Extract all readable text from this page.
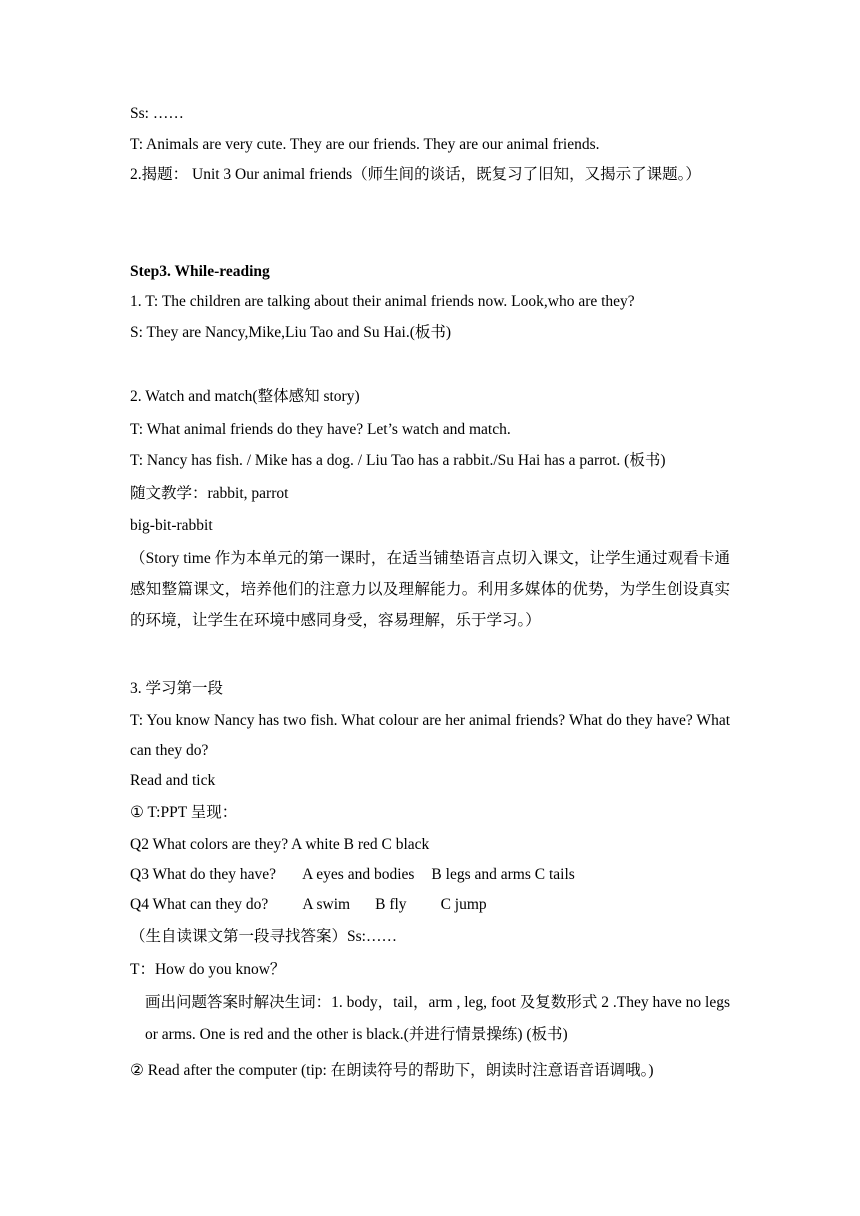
Ss: ……
T: Animals are very cute. They are our friends. They are our animal friends.
2.揭题： Unit 3 Our animal friends（师生间的谈话，既复习了旧知，又揭示了课题。）
Step3. While-reading
1. T: The children are talking about their animal friends now. Look,who are they?
S: They are Nancy,Mike,Liu Tao and Su Hai.(板书)
2. Watch and match(整体感知 story)
T: What animal friends do they have? Let’s watch and match.
T: Nancy has fish. / Mike has a dog. / Liu Tao has a rabbit./Su Hai has a parrot. (板书)
随文教学：rabbit, parrot
big-bit-rabbit
（Story time 作为本单元的第一课时，在适当铺垫语言点切入课文，让学生通过观看卡通感知整篇课文，培养他们的注意力以及理解能力。利用多媒体的优势，为学生创设真实的环境，让学生在环境中感同身受，容易理解，乐于学习。）
3. 学习第一段
T: You know Nancy has two fish. What colour are her animal friends? What do they have? What can they do?
Read and tick
① T:PPT 呈现：
Q2 What colors are they? A white B red C black
Q3 What do they have? A eyes and bodies B legs and arms C tails
Q4 What can they do? A swim B fly C jump
（生自读课文第一段寻找答案）Ss:……
T：How do you know？
画出问题答案时解决生词：1. body，tail，arm , leg, foot 及复数形式 2 .They have no legs or arms. One is red and the other is black.(并进行情景操练) (板书)
② Read after the computer (tip: 在朗读符号的帮助下，朗读时注意语音语调哦。)
